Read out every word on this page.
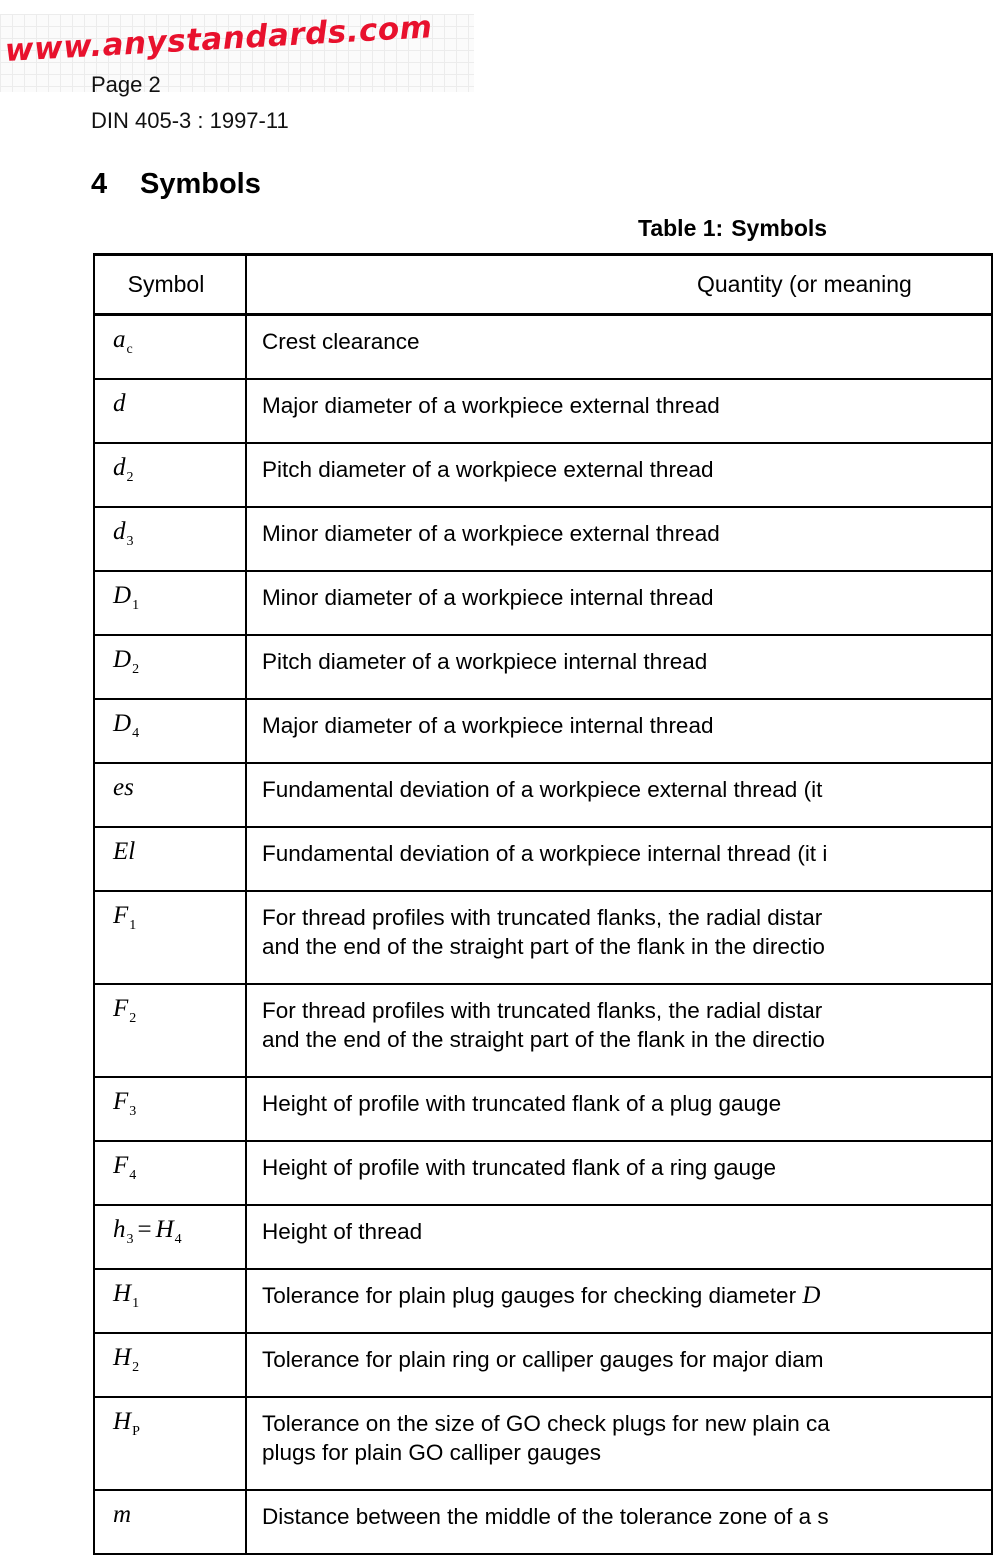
www.anystandards.com
Page 2
DIN 405-3 : 1997-11
4 Symbols
Table 1: Symbols
Symbol	Quantity (or meaning
$a_c$	Crest clearance
d	Major diameter of a workpiece external thread
$d_2$	Pitch diameter of a workpiece external thread
$d_3$	Minor diameter of a workpiece external thread
$D_1$	Minor diameter of a workpiece internal thread
$D_2$	Pitch diameter of a workpiece internal thread
$D_4$	Major diameter of a workpiece internal thread
es	Fundamental deviation of a workpiece external thread (it
El	Fundamental deviation of a workpiece internal thread (it i
$F_1$	For thread profiles with truncated flanks, the radial distar
and the end of the straight part of the flank in the directio

$F_2$	For thread profiles with truncated flanks, the radial distar
and the end of the straight part of the flank in the directio

$F_3$	Height of profile with truncated flank of a plug gauge
$F_4$	Height of profile with truncated flank of a ring gauge
$h_3 = H_4$	Height of thread
$H_1$	Tolerance for plain plug gauges for checking diameter D
$H_2$	Tolerance for plain ring or calliper gauges for major diam
$H_P$	Tolerance on the size of GO check plugs for new plain ca
plugs for plain GO calliper gauges

m	Distance between the middle of the tolerance zone of a s
